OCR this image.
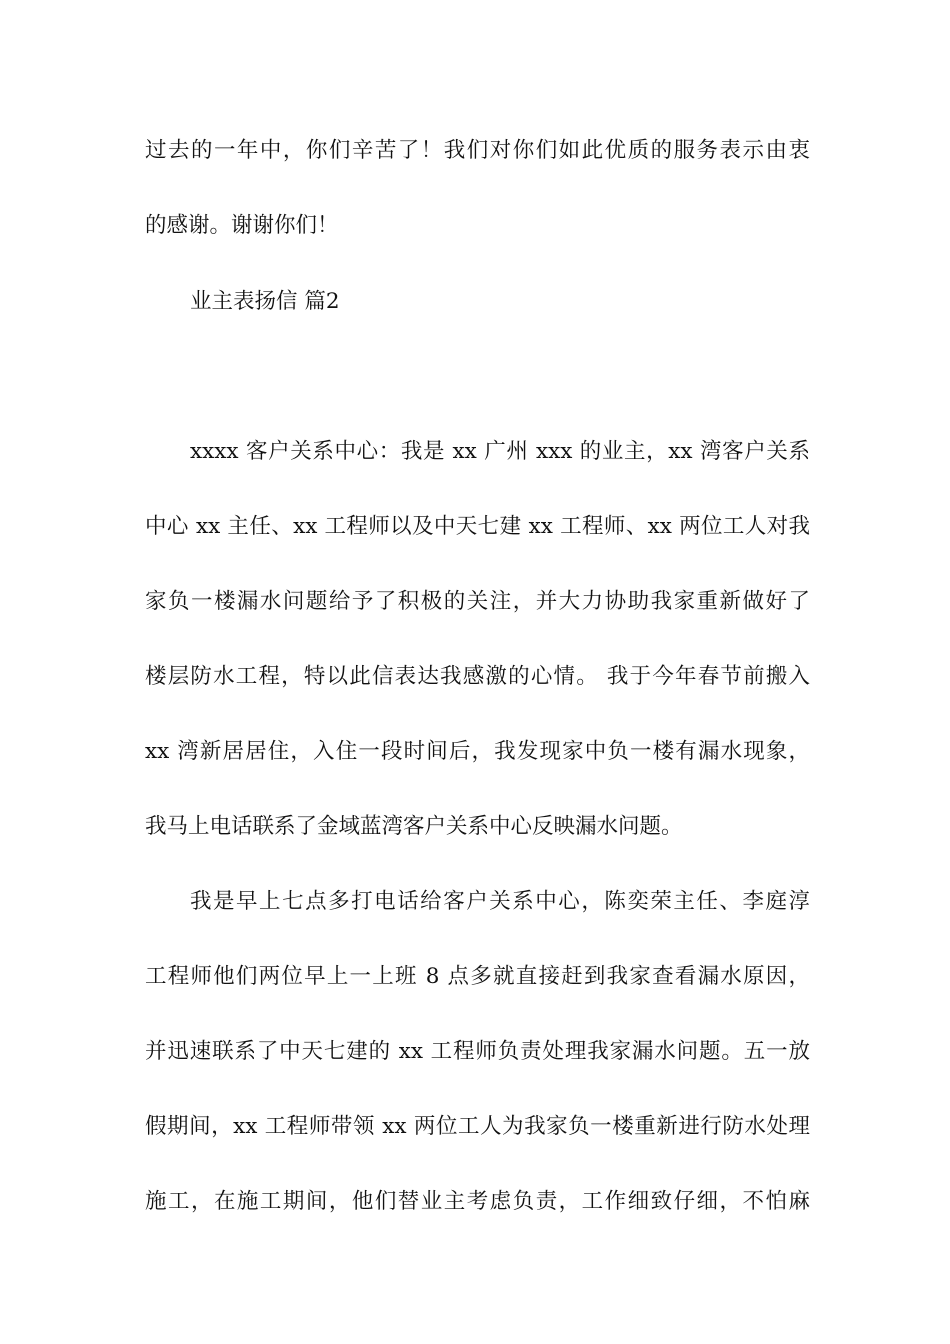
过去的一年中，你们辛苦了！我们对你们如此优质的服务表示由衷
的感谢。谢谢你们！
业主表扬信 篇2
xxxx 客户关系中心：我是 xx 广州 xxx 的业主，xx 湾客户关系
中心 xx 主任、xx 工程师以及中天七建 xx 工程师、xx 两位工人对我
家负一楼漏水问题给予了积极的关注，并大力协助我家重新做好了
楼层防水工程，特以此信表达我感激的心情。 我于今年春节前搬入
xx 湾新居居住，入住一段时间后，我发现家中负一楼有漏水现象，
我马上电话联系了金域蓝湾客户关系中心反映漏水问题。
我是早上七点多打电话给客户关系中心，陈奕荣主任、李庭淳
工程师他们两位早上一上班 8 点多就直接赶到我家查看漏水原因，
并迅速联系了中天七建的 xx 工程师负责处理我家漏水问题。五一放
假期间，xx 工程师带领 xx 两位工人为我家负一楼重新进行防水处理
施工，在施工期间，他们替业主考虑负责，工作细致仔细，不怕麻
